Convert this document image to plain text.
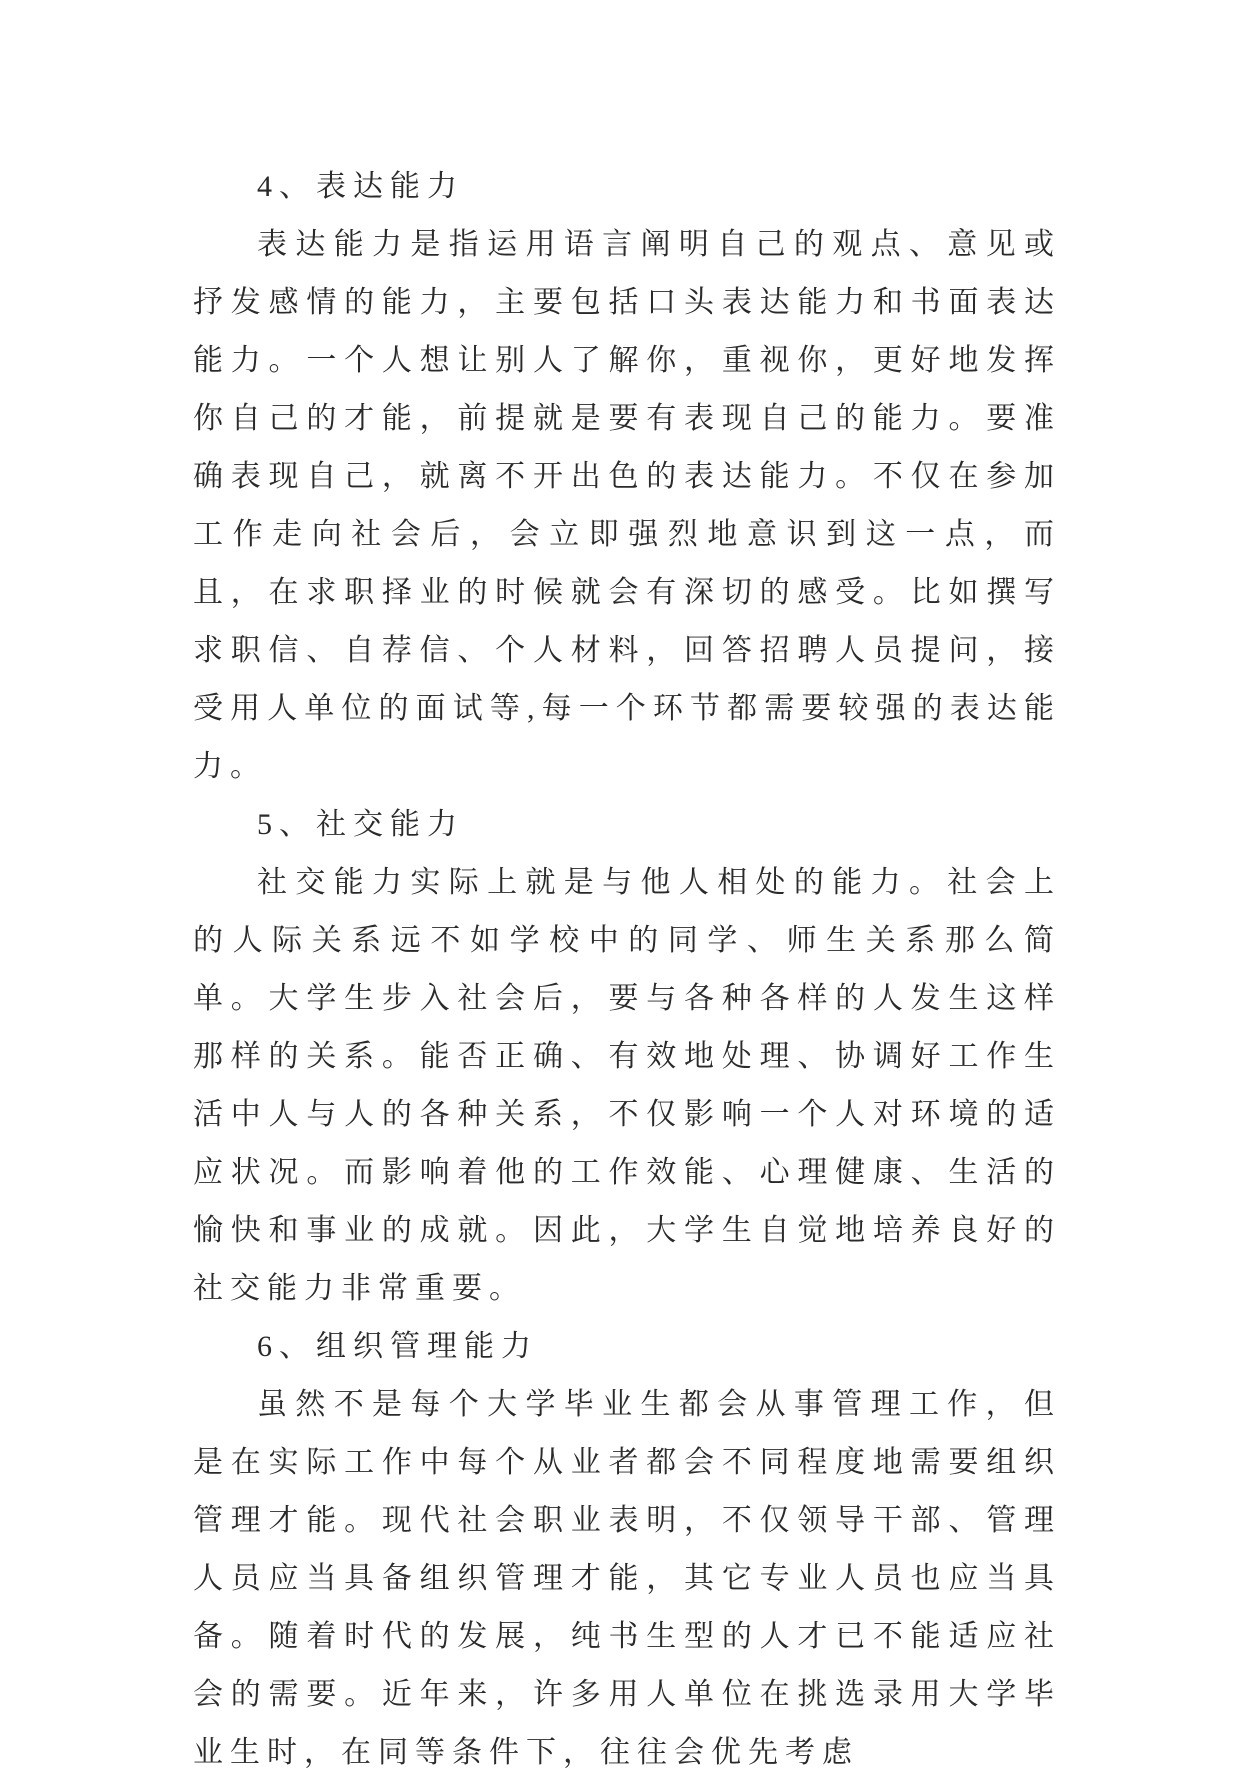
4、表达能力

表达能力是指运用语言阐明自己的观点、意见或抒发感情的能力，主要包括口头表达能力和书面表达能力。一个人想让别人了解你，重视你，更好地发挥你自己的才能，前提就是要有表现自己的能力。要准确表现自己，就离不开出色的表达能力。不仅在参加工作走向社会后，会立即强烈地意识到这一点，而且，在求职择业的时候就会有深切的感受。比如撰写求职信、自荐信、个人材料，回答招聘人员提问，接受用人单位的面试等,每一个环节都需要较强的表达能力。

5、社交能力

社交能力实际上就是与他人相处的能力。社会上的人际关系远不如学校中的同学、师生关系那么简单。大学生步入社会后，要与各种各样的人发生这样那样的关系。能否正确、有效地处理、协调好工作生活中人与人的各种关系，不仅影响一个人对环境的适应状况。而影响着他的工作效能、心理健康、生活的愉快和事业的成就。因此，大学生自觉地培养良好的社交能力非常重要。

6、组织管理能力

虽然不是每个大学毕业生都会从事管理工作，但是在实际工作中每个从业者都会不同程度地需要组织管理才能。现代社会职业表明，不仅领导干部、管理人员应当具备组织管理才能，其它专业人员也应当具备。随着时代的发展，纯书生型的人才已不能适应社会的需要。近年来，许多用人单位在挑选录用大学毕业生时，在同等条件下，往往会优先考虑
